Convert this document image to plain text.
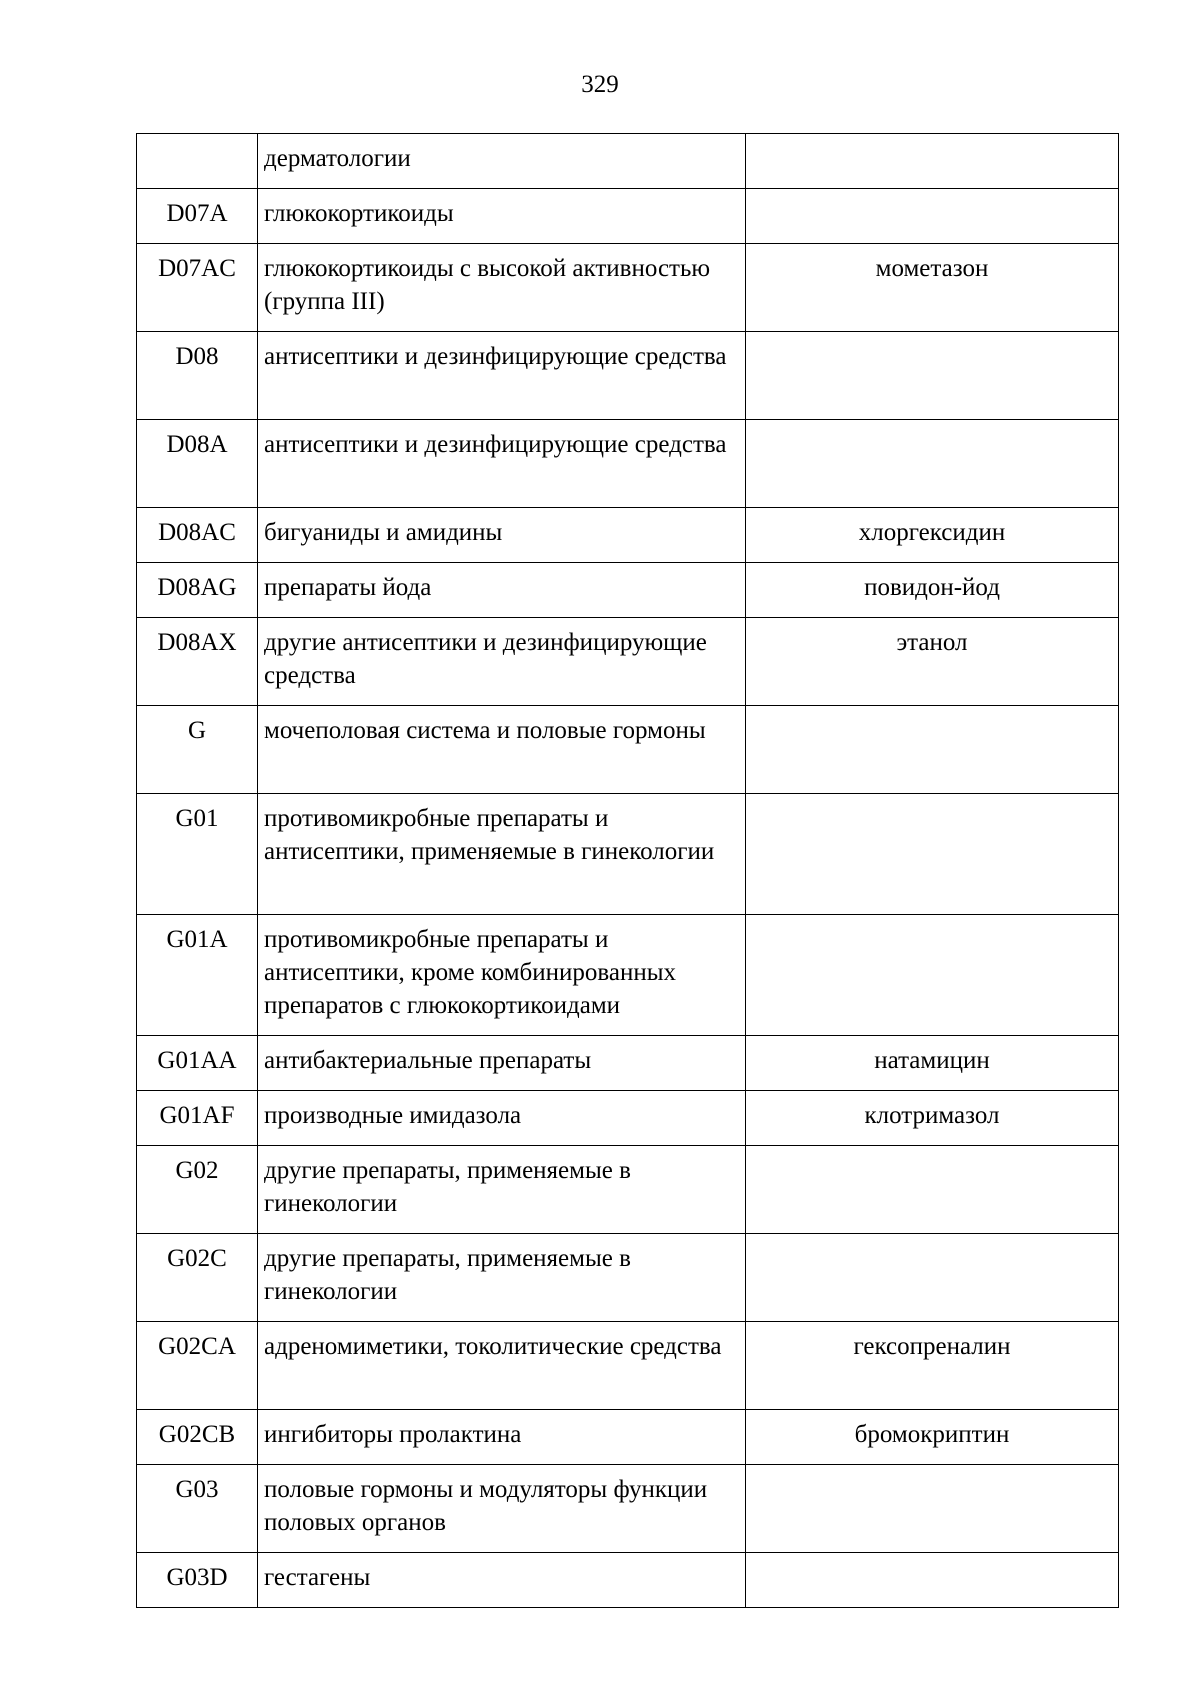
329
	дерматологии	
D07A	глюкокортикоиды	
D07AC	глюкокортикоиды с высокой активностью (группа III)	мометазон
D08	антисептики и дезинфицирующие средства	
D08A	антисептики и дезинфицирующие средства	
D08AC	бигуаниды и амидины	хлоргексидин
D08AG	препараты йода	повидон-йод
D08AX	другие антисептики и дезинфицирующие средства	этанол
G	мочеполовая система и половые гормоны	
G01	противомикробные препараты и антисептики, применяемые в гинекологии	
G01A	противомикробные препараты и антисептики, кроме комбинированных препаратов с глюкокортикоидами	
G01AA	антибактериальные препараты	натамицин
G01AF	производные имидазола	клотримазол
G02	другие препараты, применяемые в гинекологии	
G02C	другие препараты, применяемые в гинекологии	
G02CA	адреномиметики, токолитические средства	гексопреналин
G02CB	ингибиторы пролактина	бромокриптин
G03	половые гормоны и модуляторы функции половых органов	
G03D	гестагены	
